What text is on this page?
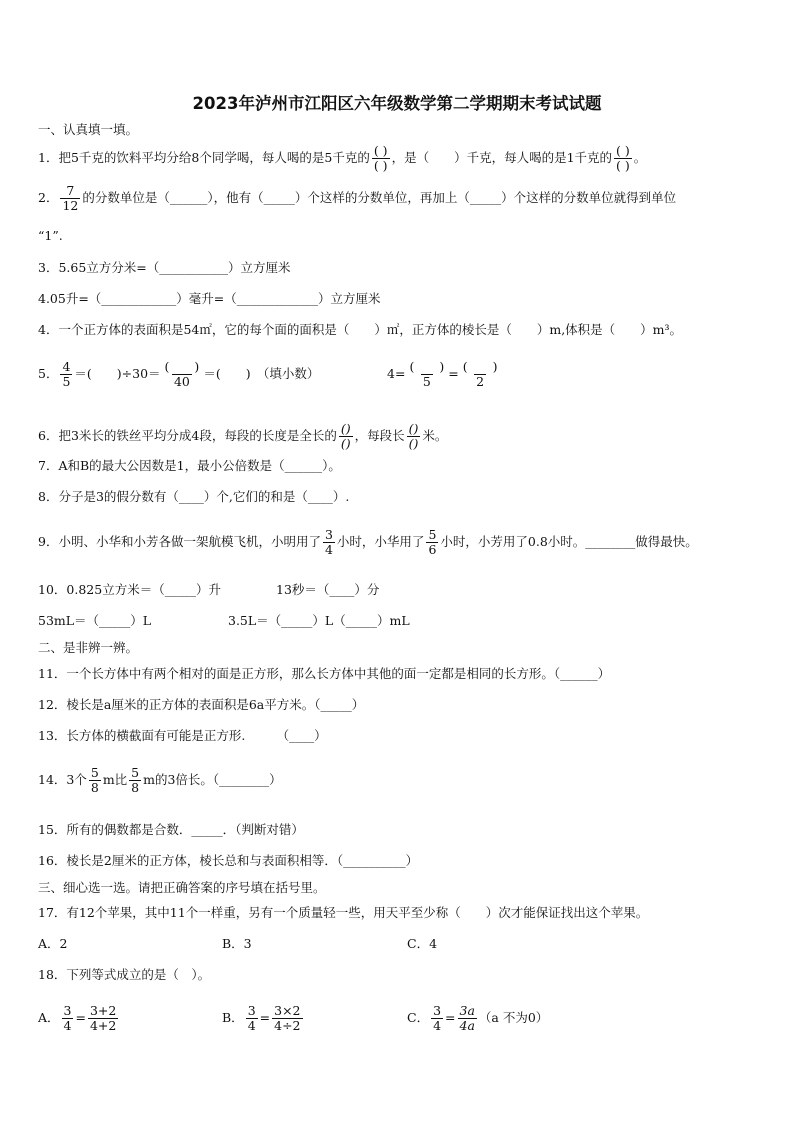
2023年泸州市江阳区六年级数学第二学期期末考试试题
一、认真填一填。
1．把5千克的饮料平均分给8个同学喝，每人喝的是5千克的 $\frac{( )}{( )}$ ，是（　　）千克，每人喝的是1千克的 $\frac{( )}{( )}$ 。
2． $\frac{7}{12}$ 的分数单位是（______），他有（_____）个这样的分数单位，再加上（_____）个这样的分数单位就得到单位
“1”.
3．5.65立方分米=（___________）立方厘米
4.05升=（____________）毫升=（_____________）立方厘米
4．一个正方体的表面积是54㎡，它的每个面的面积是（　　）㎡，正方体的棱长是（　　）m,体积是（　　）m³。
5． $\frac{4}{5}$ ＝(　　)$\div 30= \frac{( )}{40}$ ＝(　　)　（填小数）	$4= \frac{( )}{5} = \frac{( )}{2}$
6．把3米长的铁丝平均分成4段，每段的长度是全长的 $\frac{()}{()}$ ，每段长 $\frac{()}{()}$ 米。
7．A和B的最大公因数是1，最小公倍数是（______）。
8．分子是3的假分数有（____）个,它们的和是（____）.
9．小明、小华和小芳各做一架航模飞机，小明用了 $\frac{3}{4}$ 小时，小华用了 $\frac{5}{6}$ 小时，小芳用了0.8小时。________做得最快。
10．0.825立方米＝（_____）升	13秒＝（____）分
53mL＝（_____）L	3.5L＝（_____）L（_____）mL
二、是非辨一辨。
11．一个长方体中有两个相对的面是正方形，那么长方体中其他的面一定都是相同的长方形。（______）
12．棱长是a厘米的正方体的表面积是6a平方米。（_____）
13．长方体的横截面有可能是正方形.　　　（____）
14．3个 $\frac{5}{8}$ m比 $\frac{5}{8}$ m的3倍长。（________）
15．所有的偶数都是合数．_____．（判断对错）
16．棱长是2厘米的正方体，棱长总和与表面积相等．（__________）
三、细心选一选。请把正确答案的序号填在括号里。
17．有12个苹果，其中11个一样重，另有一个质量轻一些，用天平至少称（　　）次才能保证找出这个苹果。
A．2	B．3	C．4
18．下列等式成立的是（　）。
A． $\frac{3}{4} = \frac{3+2}{4+2}$	B． $\frac{3}{4} = \frac{3\times 2}{4\div 2}$	C． $\frac{3}{4} = \frac{3a}{4a} (a$ 不为0）
